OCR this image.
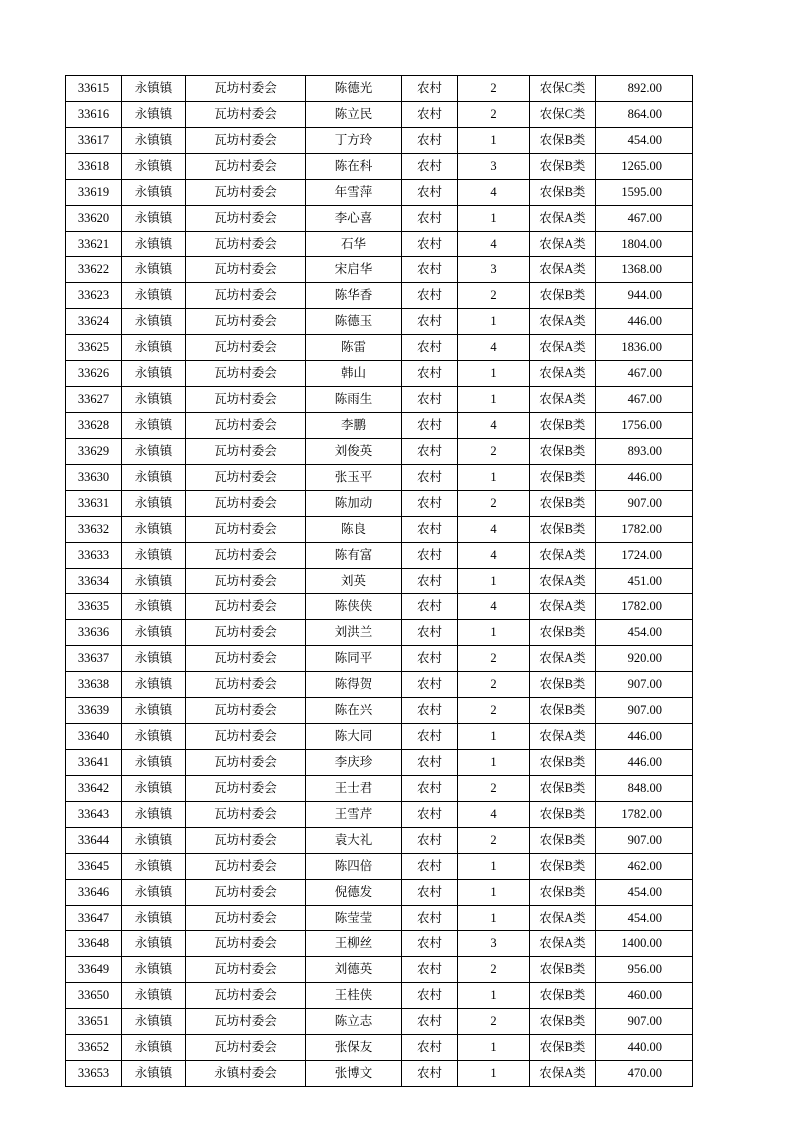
33615	永镇镇	瓦坊村委会	陈德光	农村	2	农保C类	892.00
33616	永镇镇	瓦坊村委会	陈立民	农村	2	农保C类	864.00
33617	永镇镇	瓦坊村委会	丁方玲	农村	1	农保B类	454.00
33618	永镇镇	瓦坊村委会	陈在科	农村	3	农保B类	1265.00
33619	永镇镇	瓦坊村委会	年雪萍	农村	4	农保B类	1595.00
33620	永镇镇	瓦坊村委会	李心喜	农村	1	农保A类	467.00
33621	永镇镇	瓦坊村委会	石华	农村	4	农保A类	1804.00
33622	永镇镇	瓦坊村委会	宋启华	农村	3	农保A类	1368.00
33623	永镇镇	瓦坊村委会	陈华香	农村	2	农保B类	944.00
33624	永镇镇	瓦坊村委会	陈德玉	农村	1	农保A类	446.00
33625	永镇镇	瓦坊村委会	陈雷	农村	4	农保A类	1836.00
33626	永镇镇	瓦坊村委会	韩山	农村	1	农保A类	467.00
33627	永镇镇	瓦坊村委会	陈雨生	农村	1	农保A类	467.00
33628	永镇镇	瓦坊村委会	李鹏	农村	4	农保B类	1756.00
33629	永镇镇	瓦坊村委会	刘俊英	农村	2	农保B类	893.00
33630	永镇镇	瓦坊村委会	张玉平	农村	1	农保B类	446.00
33631	永镇镇	瓦坊村委会	陈加动	农村	2	农保B类	907.00
33632	永镇镇	瓦坊村委会	陈良	农村	4	农保B类	1782.00
33633	永镇镇	瓦坊村委会	陈有富	农村	4	农保A类	1724.00
33634	永镇镇	瓦坊村委会	刘英	农村	1	农保A类	451.00
33635	永镇镇	瓦坊村委会	陈侠侠	农村	4	农保A类	1782.00
33636	永镇镇	瓦坊村委会	刘洪兰	农村	1	农保B类	454.00
33637	永镇镇	瓦坊村委会	陈同平	农村	2	农保A类	920.00
33638	永镇镇	瓦坊村委会	陈得贺	农村	2	农保B类	907.00
33639	永镇镇	瓦坊村委会	陈在兴	农村	2	农保B类	907.00
33640	永镇镇	瓦坊村委会	陈大同	农村	1	农保A类	446.00
33641	永镇镇	瓦坊村委会	李庆珍	农村	1	农保B类	446.00
33642	永镇镇	瓦坊村委会	王士君	农村	2	农保B类	848.00
33643	永镇镇	瓦坊村委会	王雪芹	农村	4	农保B类	1782.00
33644	永镇镇	瓦坊村委会	袁大礼	农村	2	农保B类	907.00
33645	永镇镇	瓦坊村委会	陈四倍	农村	1	农保B类	462.00
33646	永镇镇	瓦坊村委会	倪德发	农村	1	农保B类	454.00
33647	永镇镇	瓦坊村委会	陈莹莹	农村	1	农保A类	454.00
33648	永镇镇	瓦坊村委会	王柳丝	农村	3	农保A类	1400.00
33649	永镇镇	瓦坊村委会	刘德英	农村	2	农保B类	956.00
33650	永镇镇	瓦坊村委会	王桂侠	农村	1	农保B类	460.00
33651	永镇镇	瓦坊村委会	陈立志	农村	2	农保B类	907.00
33652	永镇镇	瓦坊村委会	张保友	农村	1	农保B类	440.00
33653	永镇镇	永镇村委会	张博文	农村	1	农保A类	470.00
